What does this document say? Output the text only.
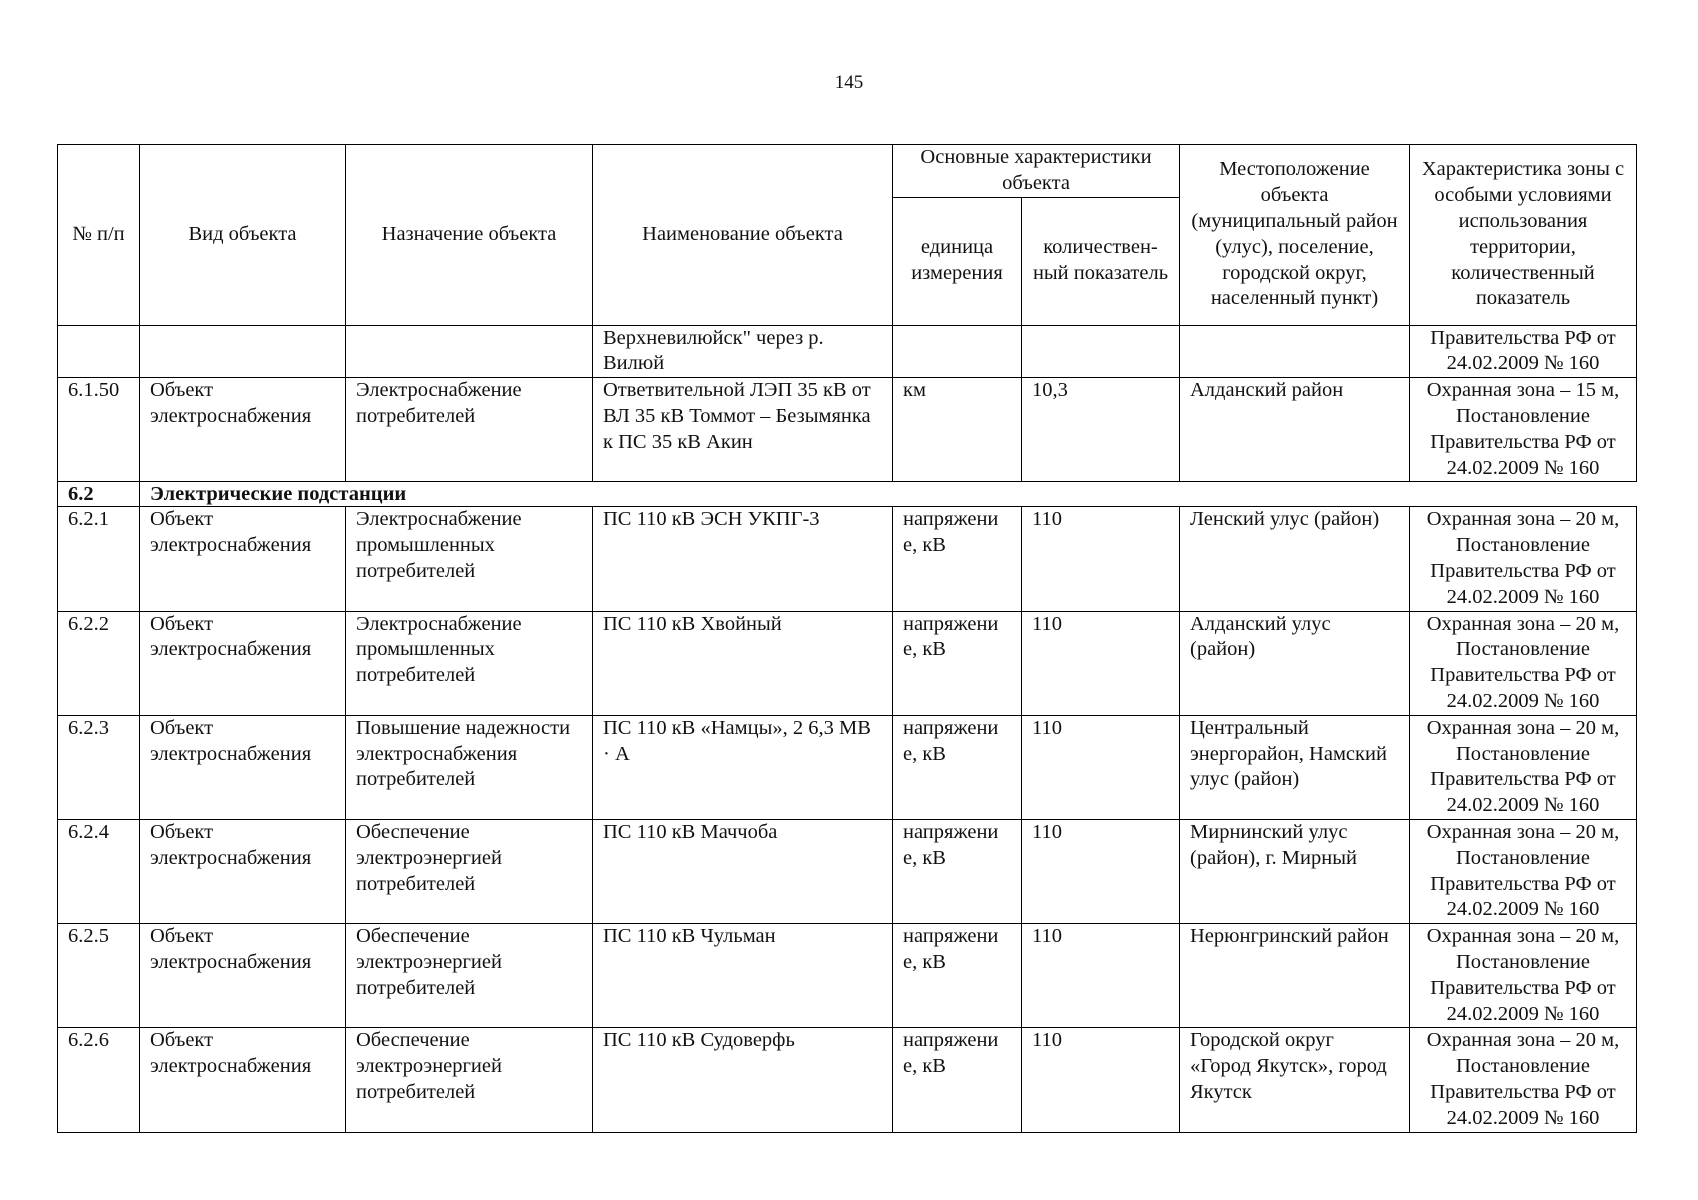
145
№ п/п	Вид объекта	Назначение объекта	Наименование объекта	Основные характеристики объекта		Местоположение объекта (муниципальный район (улус), поселение, городской округ, населенный пункт)	Характеристика зоны с особыми условиями использования территории, количественный показатель
				единица измерения	количествен-ный показатель		
			Верхневилюйск" через р. Вилюй				Правительства РФ от 24.02.2009 № 160
6.1.50	Объект электроснабжения	Электроснабжение потребителей	Ответвительной ЛЭП 35 кВ от ВЛ 35 кВ Томмот – Безымянка к ПС 35 кВ Акин	км	10,3	Алданский район	Охранная зона – 15 м, Постановление Правительства РФ от 24.02.2009 № 160
6.2	Электрические подстанции						
6.2.1	Объект электроснабжения	Электроснабжение промышленных потребителей	ПС 110 кВ ЭСН УКПГ-3	напряжени е, кВ	110	Ленский улус (район)	Охранная зона – 20 м, Постановление Правительства РФ от 24.02.2009 № 160
6.2.2	Объект электроснабжения	Электроснабжение промышленных потребителей	ПС 110 кВ Хвойный	напряжени е, кВ	110	Алданский улус (район)	Охранная зона – 20 м, Постановление Правительства РФ от 24.02.2009 № 160
6.2.3	Объект электроснабжения	Повышение надежности электроснабжения потребителей	ПС 110 кВ «Намцы», 2 6,3 МВ · А	напряжени е, кВ	110	Центральный энергорайон, Намский улус (район)	Охранная зона – 20 м, Постановление Правительства РФ от 24.02.2009 № 160
6.2.4	Объект электроснабжения	Обеспечение электроэнергией потребителей	ПС 110 кВ Маччоба	напряжени е, кВ	110	Мирнинский улус (район), г. Мирный	Охранная зона – 20 м, Постановление Правительства РФ от 24.02.2009 № 160
6.2.5	Объект электроснабжения	Обеспечение электроэнергией потребителей	ПС 110 кВ Чульман	напряжени е, кВ	110	Нерюнгринский район	Охранная зона – 20 м, Постановление Правительства РФ от 24.02.2009 № 160
6.2.6	Объект электроснабжения	Обеспечение электроэнергией потребителей	ПС 110 кВ Судоверфь	напряжени е, кВ	110	Городской округ «Город Якутск», город Якутск	Охранная зона – 20 м, Постановление Правительства РФ от 24.02.2009 № 160
